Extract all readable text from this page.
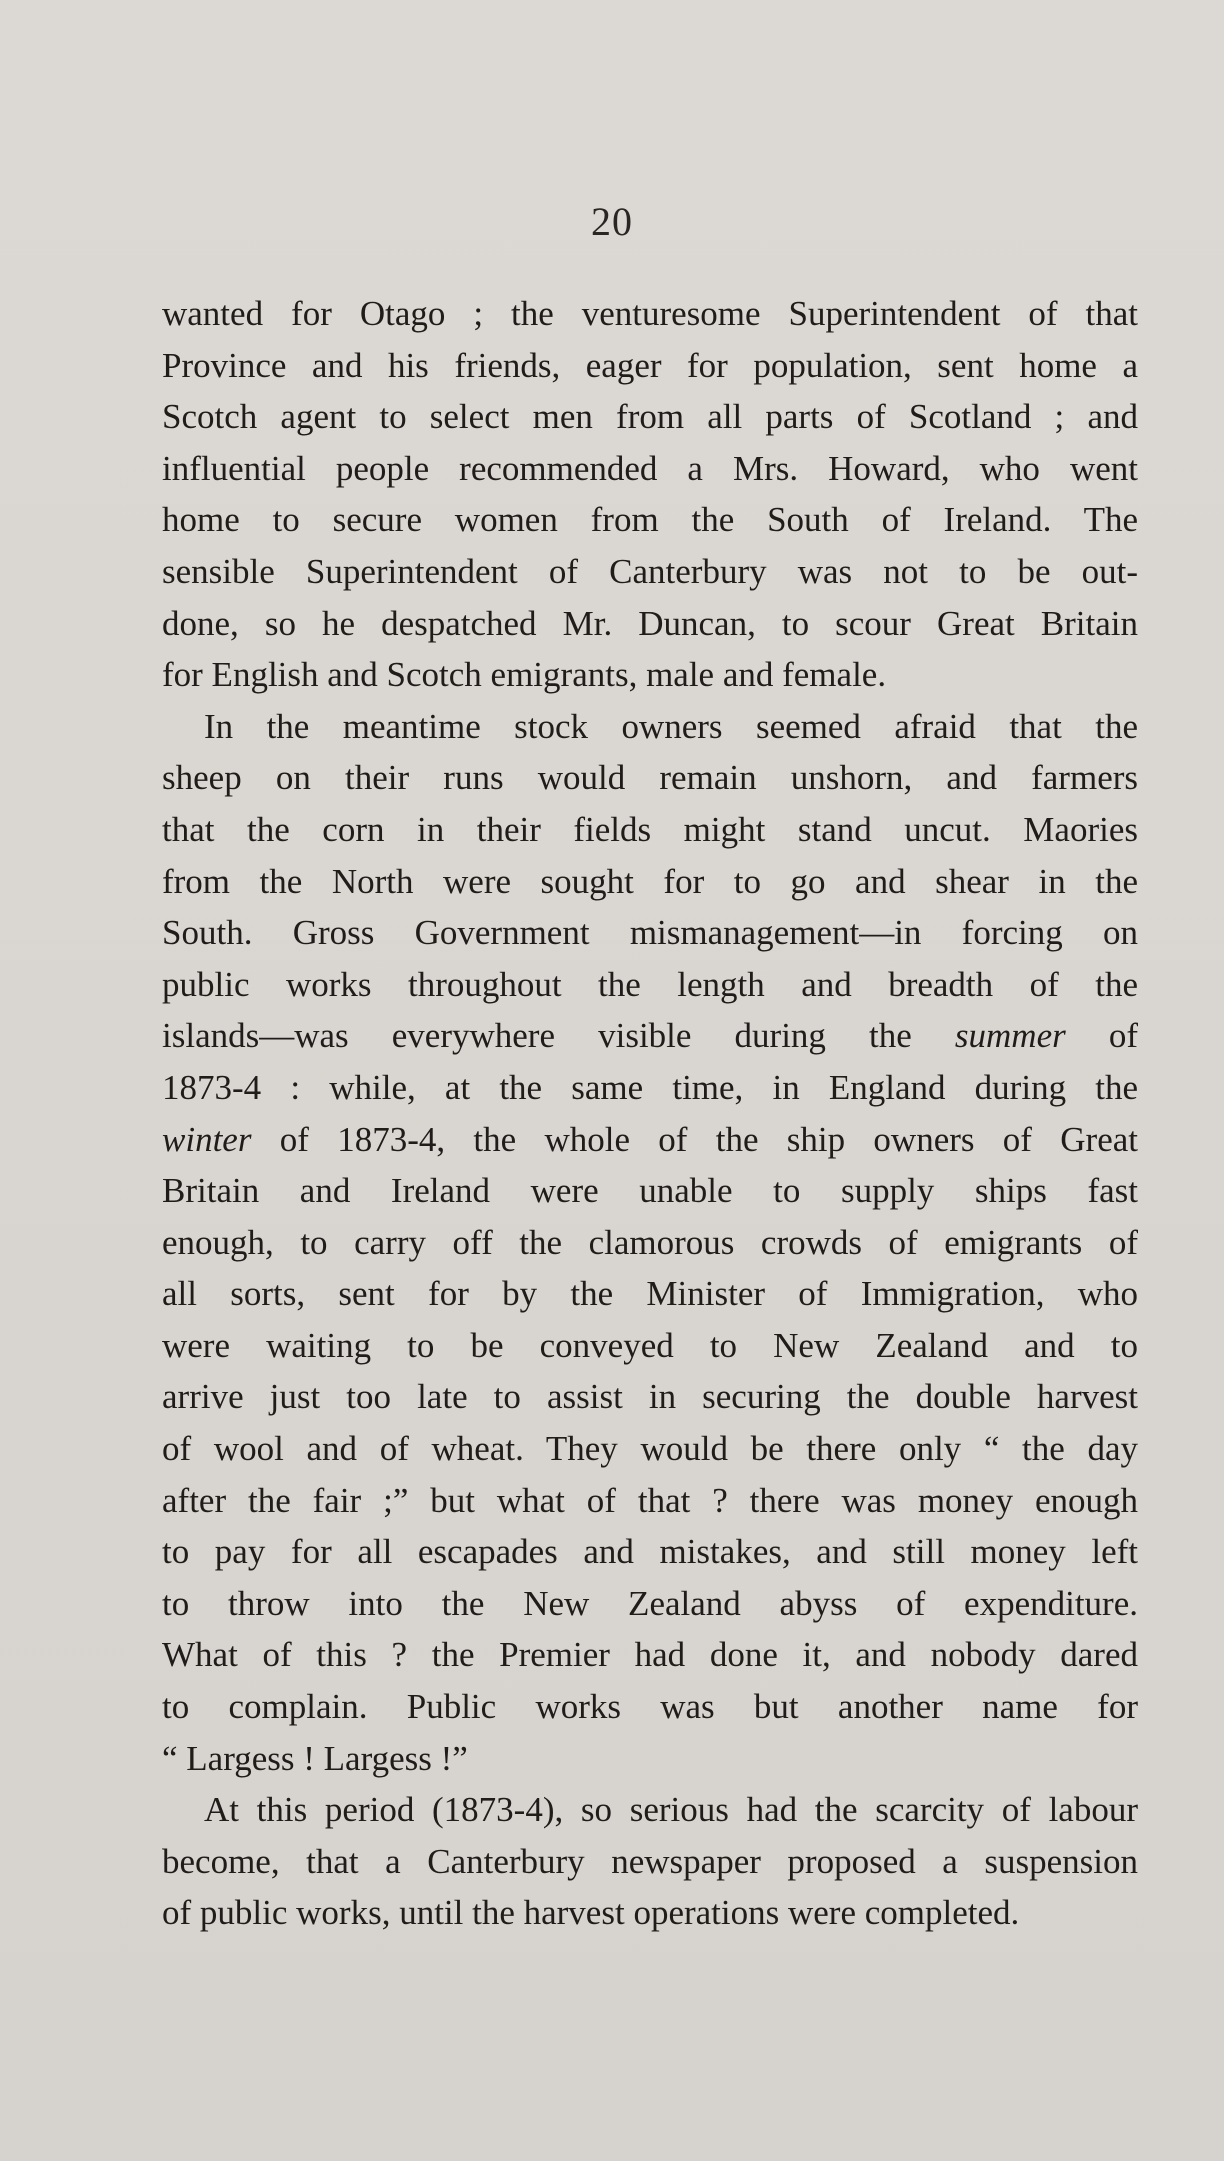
20
wanted for Otago ; the venturesome Superintendent of that
Province and his friends, eager for population, sent home a
Scotch agent to select men from all parts of Scotland ; and
influential people recommended a Mrs. Howard, who went
home to secure women from the South of Ireland. The
sensible Superintendent of Canterbury was not to be out-
done, so he despatched Mr. Duncan, to scour Great Britain
for English and Scotch emigrants, male and female.
In the meantime stock owners seemed afraid that the
sheep on their runs would remain unshorn, and farmers
that the corn in their fields might stand uncut. Maories
from the North were sought for to go and shear in the
South. Gross Government mismanagement—in forcing on
public works throughout the length and breadth of the
islands—was everywhere visible during the summer of
1873-4 : while, at the same time, in England during the
winter of 1873-4, the whole of the ship owners of Great
Britain and Ireland were unable to supply ships fast
enough, to carry off the clamorous crowds of emigrants of
all sorts, sent for by the Minister of Immigration, who
were waiting to be conveyed to New Zealand and to
arrive just too late to assist in securing the double harvest
of wool and of wheat. They would be there only “ the day
after the fair ;” but what of that ? there was money enough
to pay for all escapades and mistakes, and still money left
to throw into the New Zealand abyss of expenditure.
What of this ? the Premier had done it, and nobody dared
to complain. Public works was but another name for
“ Largess ! Largess !”
At this period (1873-4), so serious had the scarcity of labour
become, that a Canterbury newspaper proposed a suspension
of public works, until the harvest operations were completed.
